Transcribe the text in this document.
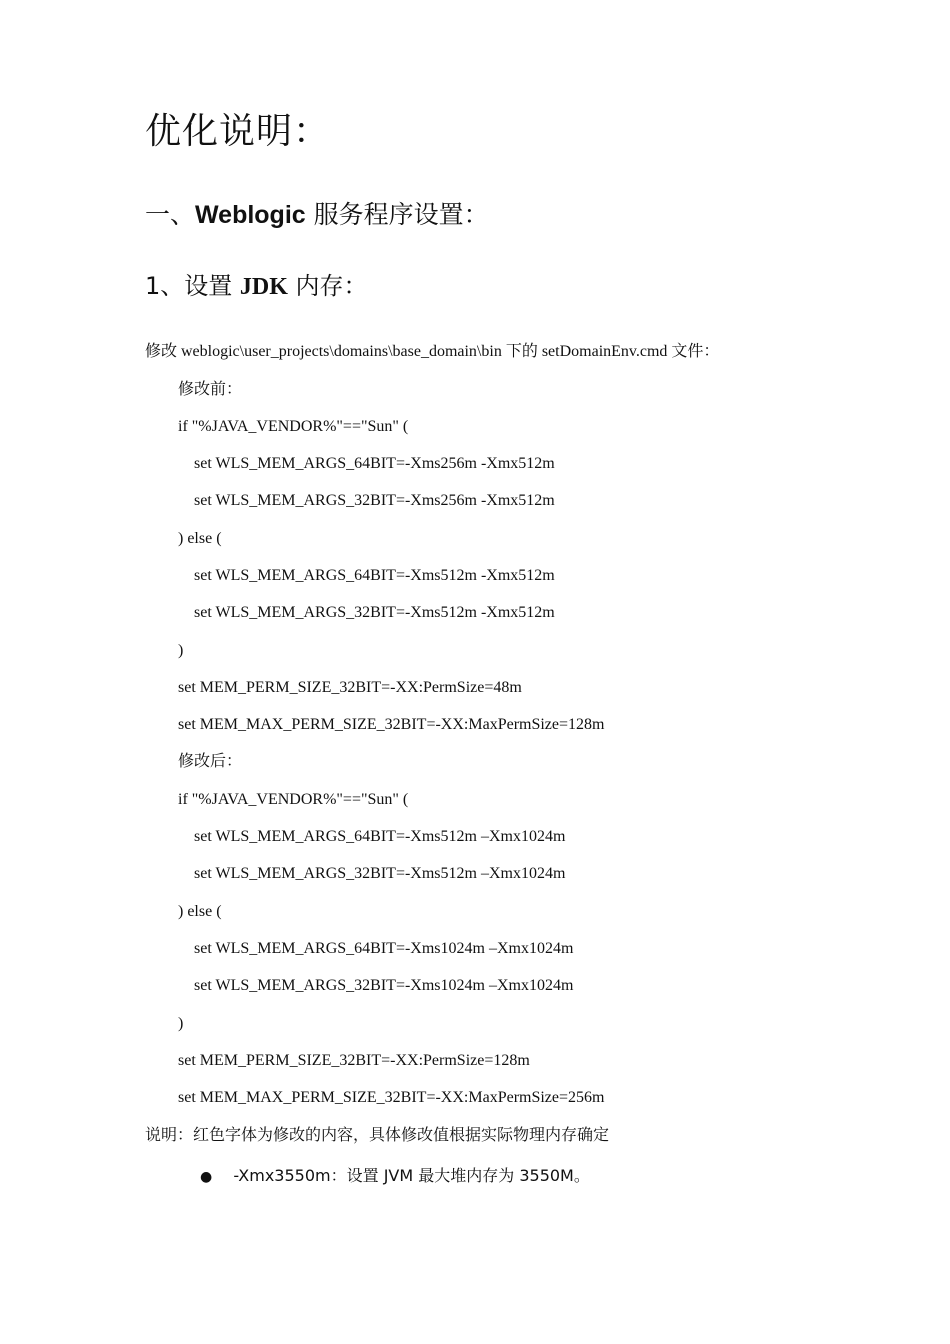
优化说明：
一、Weblogic 服务程序设置：
1、设置 JDK 内存：
修改 weblogic\user_projects\domains\base_domain\bin 下的 setDomainEnv.cmd 文件：
修改前：
if "%JAVA_VENDOR%"=="Sun" (
set WLS_MEM_ARGS_64BIT=-Xms256m -Xmx512m
set WLS_MEM_ARGS_32BIT=-Xms256m -Xmx512m
) else (
set WLS_MEM_ARGS_64BIT=-Xms512m -Xmx512m
set WLS_MEM_ARGS_32BIT=-Xms512m -Xmx512m
)
set MEM_PERM_SIZE_32BIT=-XX:PermSize=48m
set MEM_MAX_PERM_SIZE_32BIT=-XX:MaxPermSize=128m
修改后：
if "%JAVA_VENDOR%"=="Sun" (
set WLS_MEM_ARGS_64BIT=-Xms512m –Xmx1024m
set WLS_MEM_ARGS_32BIT=-Xms512m –Xmx1024m
) else (
set WLS_MEM_ARGS_64BIT=-Xms1024m –Xmx1024m
set WLS_MEM_ARGS_32BIT=-Xms1024m –Xmx1024m
)
set MEM_PERM_SIZE_32BIT=-XX:PermSize=128m
set MEM_MAX_PERM_SIZE_32BIT=-XX:MaxPermSize=256m
说明：红色字体为修改的内容，具体修改值根据实际物理内存确定
● -Xmx3550m：设置 JVM 最大堆内存为 3550M。
